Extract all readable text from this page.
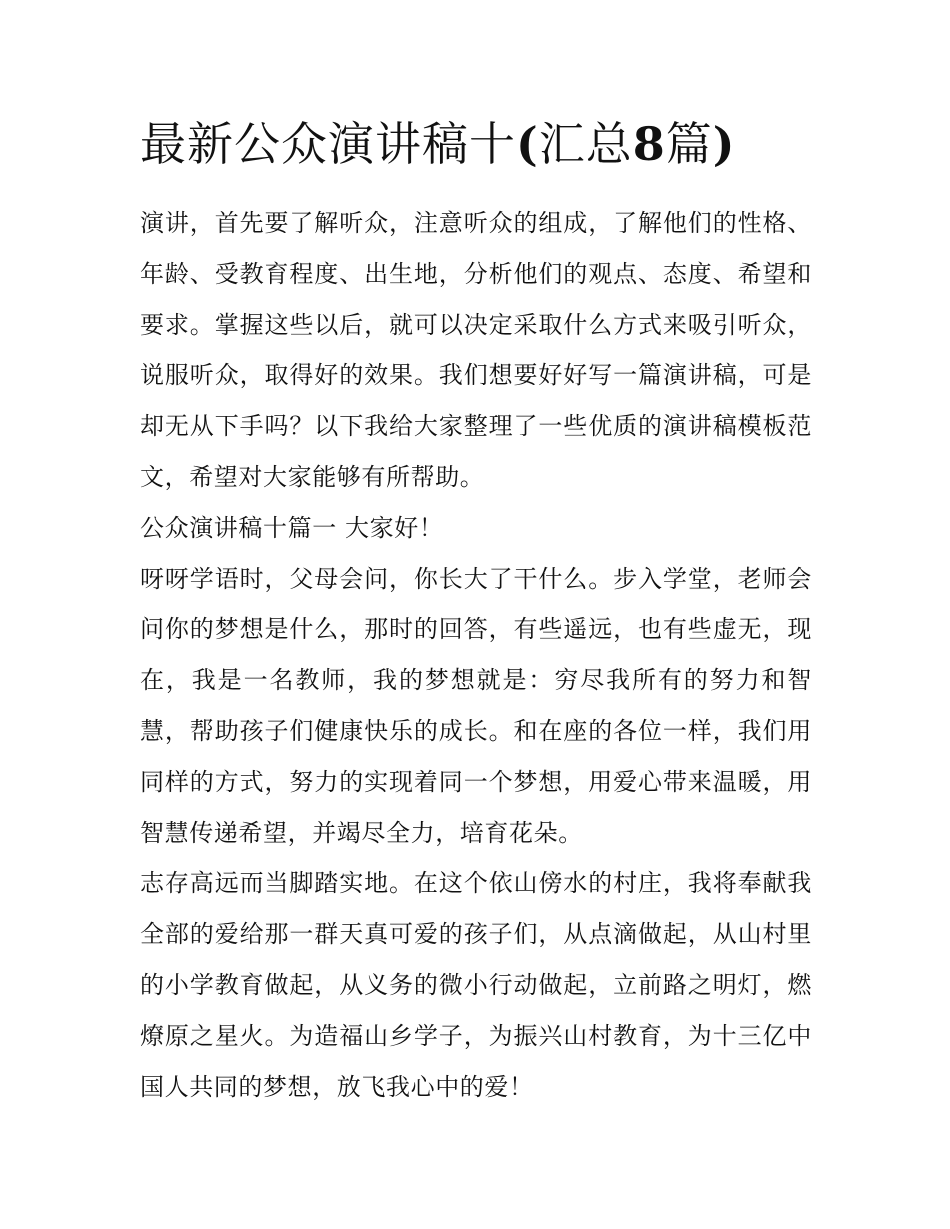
最新公众演讲稿十(汇总8篇)

演讲，首先要了解听众，注意听众的组成，了解他们的性格、年龄、受教育程度、出生地，分析他们的观点、态度、希望和要求。掌握这些以后，就可以决定采取什么方式来吸引听众，说服听众，取得好的效果。我们想要好好写一篇演讲稿，可是却无从下手吗？以下我给大家整理了一些优质的演讲稿模板范文，希望对大家能够有所帮助。

公众演讲稿十篇一 大家好！

呀呀学语时，父母会问，你长大了干什么。步入学堂，老师会问你的梦想是什么，那时的回答，有些遥远，也有些虚无，现在，我是一名教师，我的梦想就是：穷尽我所有的努力和智慧，帮助孩子们健康快乐的成长。和在座的各位一样，我们用同样的方式，努力的实现着同一个梦想，用爱心带来温暖，用智慧传递希望，并竭尽全力，培育花朵。

志存高远而当脚踏实地。在这个依山傍水的村庄，我将奉献我全部的爱给那一群天真可爱的孩子们，从点滴做起，从山村里的小学教育做起，从义务的微小行动做起，立前路之明灯，燃燎原之星火。为造福山乡学子，为振兴山村教育，为十三亿中国人共同的梦想，放飞我心中的爱！
